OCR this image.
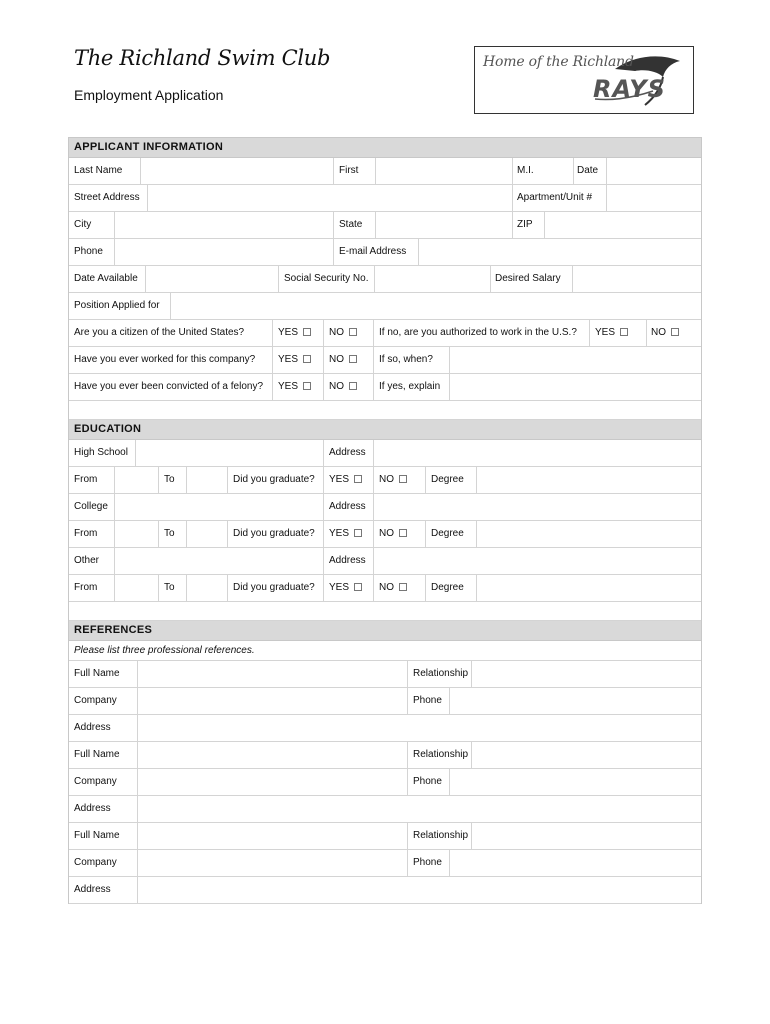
The Richland Swim Club
Employment Application
Home of the Richland
RAYS
APPLICANT INFORMATION
Last Name	First	M.I.	Date
Street Address	Apartment/Unit #
City	State	ZIP
Phone	E-mail Address
Date Available	Social Security No.	Desired Salary
Position Applied for
Are you a citizen of the United States?	YES	NO	If no, are you authorized to work in the U.S.? YES	NO
Have you ever worked for this company? YES	NO	If so, when?
Have you ever been convicted of a felony? YES	NO	If yes, explain
EDUCATION
High School	Address
From	To	Did you graduate? YES	NO	Degree
College	Address
From	To	Did you graduate? YES	NO	Degree
Other	Address
From	To	Did you graduate? YES	NO	Degree
REFERENCES
Please list three professional references.
Full Name	Relationship
Company	Phone
Address
Full Name	Relationship
Company	Phone
Address
Full Name	Relationship
Company	Phone
Address
